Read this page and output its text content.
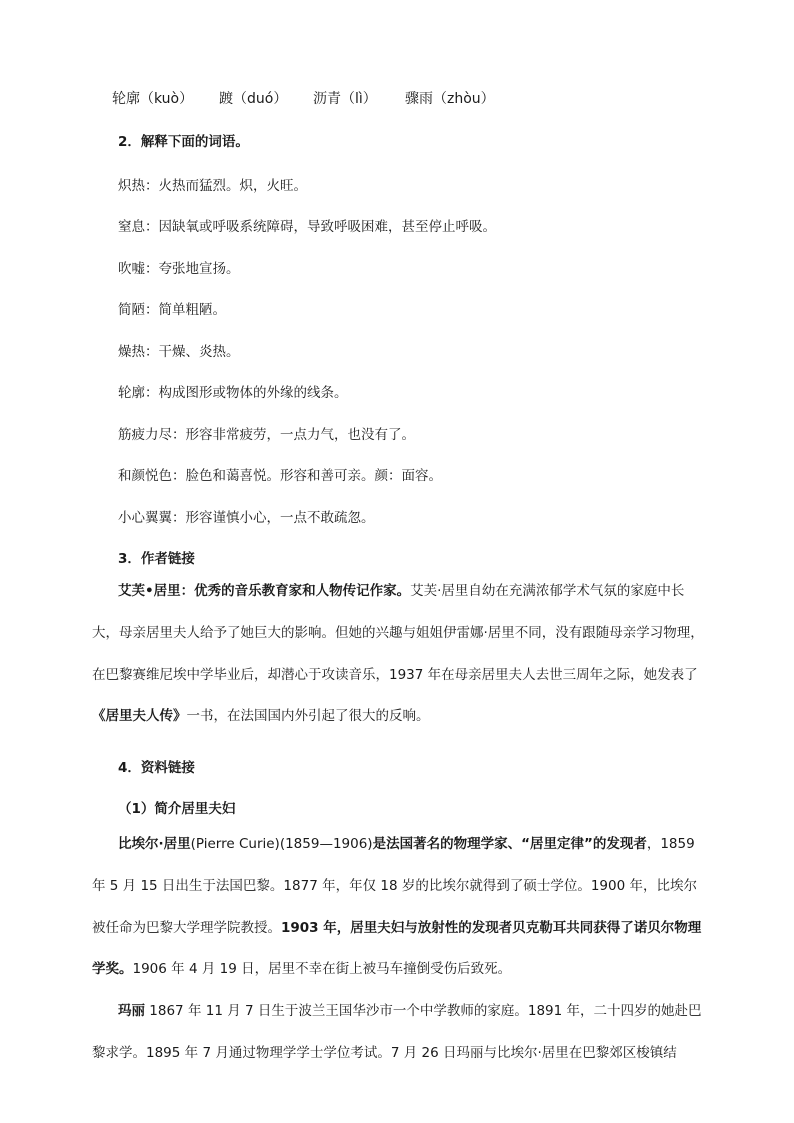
轮廓（kuò） 踱（duó） 沥青（lì） 骤雨（zhòu）
2．解释下面的词语。
炽热：火热而猛烈。炽，火旺。
窒息：因缺氧或呼吸系统障碍，导致呼吸困难，甚至停止呼吸。
吹嘘：夸张地宣扬。
简陋：简单粗陋。
燥热：干燥、炎热。
轮廓：构成图形或物体的外缘的线条。
筋疲力尽：形容非常疲劳，一点力气，也没有了。
和颜悦色：脸色和蔼喜悦。形容和善可亲。颜：面容。
小心翼翼：形容谨慎小心，一点不敢疏忽。
3．作者链接
艾芙•居里：优秀的音乐教育家和人物传记作家。艾芙·居里自幼在充满浓郁学术气氛的家庭中长大，母亲居里夫人给予了她巨大的影响。但她的兴趣与姐姐伊雷娜·居里不同，没有跟随母亲学习物理，在巴黎赛维尼埃中学毕业后，却潜心于攻读音乐，1937 年在母亲居里夫人去世三周年之际，她发表了《居里夫人传》一书，在法国国内外引起了很大的反响。
4．资料链接
（1）简介居里夫妇
比埃尔·居里(Pierre Curie)(1859—1906)是法国著名的物理学家、“居里定律”的发现者，1859 年 5 月 15 日出生于法国巴黎。1877 年，年仅 18 岁的比埃尔就得到了硕士学位。1900 年，比埃尔被任命为巴黎大学理学院教授。1903 年，居里夫妇与放射性的发现者贝克勒耳共同获得了诺贝尔物理学奖。1906 年 4 月 19 日，居里不幸在街上被马车撞倒受伤后致死。
玛丽 1867 年 11 月 7 日生于波兰王国华沙市一个中学教师的家庭。1891 年，二十四岁的她赴巴黎求学。1895 年 7 月通过物理学学士学位考试。7 月 26 日玛丽与比埃尔·居里在巴黎郊区梭镇结
